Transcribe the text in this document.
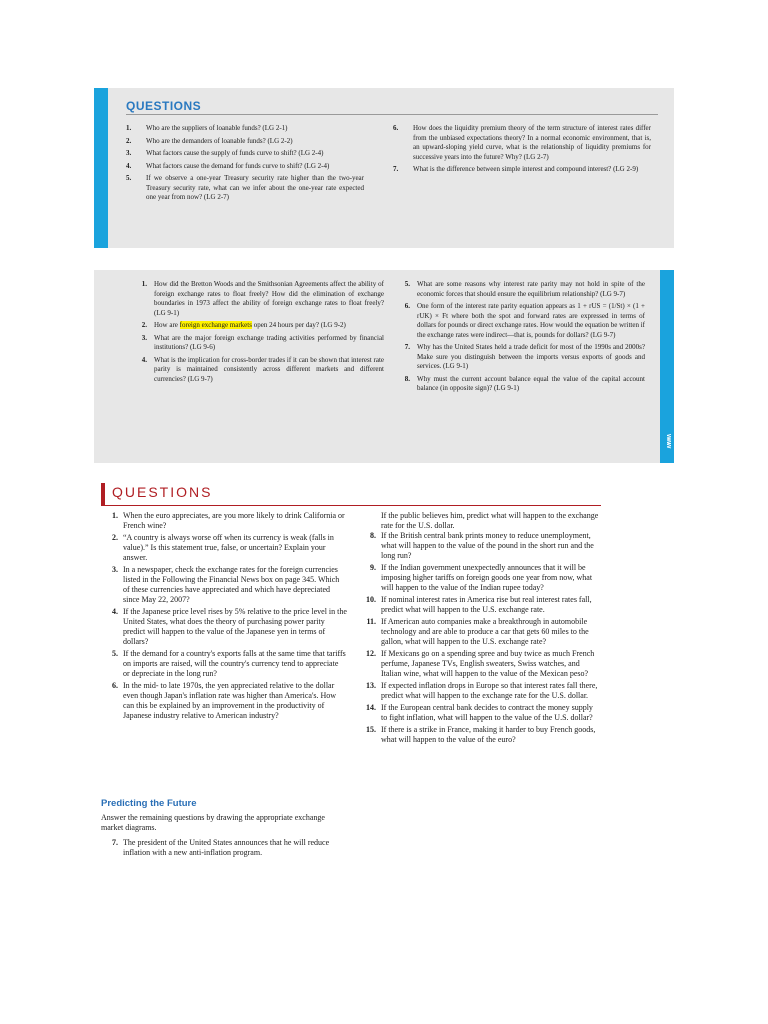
QUESTIONS
1. Who are the suppliers of loanable funds? (LG 2-1)
2. Who are the demanders of loanable funds? (LG 2-2)
3. What factors cause the supply of funds curve to shift? (LG 2-4)
4. What factors cause the demand for funds curve to shift? (LG 2-4)
5. If we observe a one-year Treasury security rate higher than the two-year Treasury security rate, what can we infer about the one-year rate expected one year from now? (LG 2-7)
6. How does the liquidity premium theory of the term structure of interest rates differ from the unbiased expectations theory? In a normal economic environment, that is, an upward-sloping yield curve, what is the relationship of liquidity premiums for successive years into the future? Why? (LG 2-7)
7. What is the difference between simple interest and compound interest? (LG 2-9)
www
1. How did the Bretton Woods and the Smithsonian Agreements affect the ability of foreign exchange rates to float freely? How did the elimination of exchange boundaries in 1973 affect the ability of foreign exchange rates to float freely? (LG 9-1)
2. How are foreign exchange markets open 24 hours per day? (LG 9-2)
3. What are the major foreign exchange trading activities performed by financial institutions? (LG 9-6)
4. What is the implication for cross-border trades if it can be shown that interest rate parity is maintained consistently across different markets and different currencies? (LG 9-7)
5. What are some reasons why interest rate parity may not hold in spite of the economic forces that should ensure the equilibrium relationship? (LG 9-7)
6. One form of the interest rate parity equation appears as 1 + rUS = (1/St) × (1 + rUK) × Ft where both the spot and forward rates are expressed in terms of dollars for pounds or direct exchange rates. How would the equation be written if the exchange rates were indirect—that is, pounds for dollars? (LG 9-7)
7. Why has the United States held a trade deficit for most of the 1990s and 2000s? Make sure you distinguish between the imports versus exports of goods and services. (LG 9-1)
8. Why must the current account balance equal the value of the capital account balance (in opposite sign)? (LG 9-1)
QUESTIONS
1. When the euro appreciates, are you more likely to drink California or French wine?
2. “A country is always worse off when its currency is weak (falls in value).” Is this statement true, false, or uncertain? Explain your answer.
3. In a newspaper, check the exchange rates for the foreign currencies listed in the Following the Financial News box on page 345. Which of these currencies have appreciated and which have depreciated since May 22, 2007?
4. If the Japanese price level rises by 5% relative to the price level in the United States, what does the theory of purchasing power parity predict will happen to the value of the Japanese yen in terms of dollars?
5. If the demand for a country's exports falls at the same time that tariffs on imports are raised, will the country's currency tend to appreciate or depreciate in the long run?
6. In the mid- to late 1970s, the yen appreciated relative to the dollar even though Japan's inflation rate was higher than America's. How can this be explained by an improvement in the productivity of Japanese industry relative to American industry?
Predicting the Future

Answer the remaining questions by drawing the appropriate exchange market diagrams.

7. The president of the United States announces that he will reduce inflation with a new anti-inflation program.

If the public believes him, predict what will happen to the exchange rate for the U.S. dollar.

8. If the British central bank prints money to reduce unemployment, what will happen to the value of the pound in the short run and the long run?
9. If the Indian government unexpectedly announces that it will be imposing higher tariffs on foreign goods one year from now, what will happen to the value of the Indian rupee today?
10. If nominal interest rates in America rise but real interest rates fall, predict what will happen to the U.S. exchange rate.
11. If American auto companies make a breakthrough in automobile technology and are able to produce a car that gets 60 miles to the gallon, what will happen to the U.S. exchange rate?
12. If Mexicans go on a spending spree and buy twice as much French perfume, Japanese TVs, English sweaters, Swiss watches, and Italian wine, what will happen to the value of the Mexican peso?
13. If expected inflation drops in Europe so that interest rates fall there, predict what will happen to the exchange rate for the U.S. dollar.
14. If the European central bank decides to contract the money supply to fight inflation, what will happen to the value of the U.S. dollar?
15. If there is a strike in France, making it harder to buy French goods, what will happen to the value of the euro?
